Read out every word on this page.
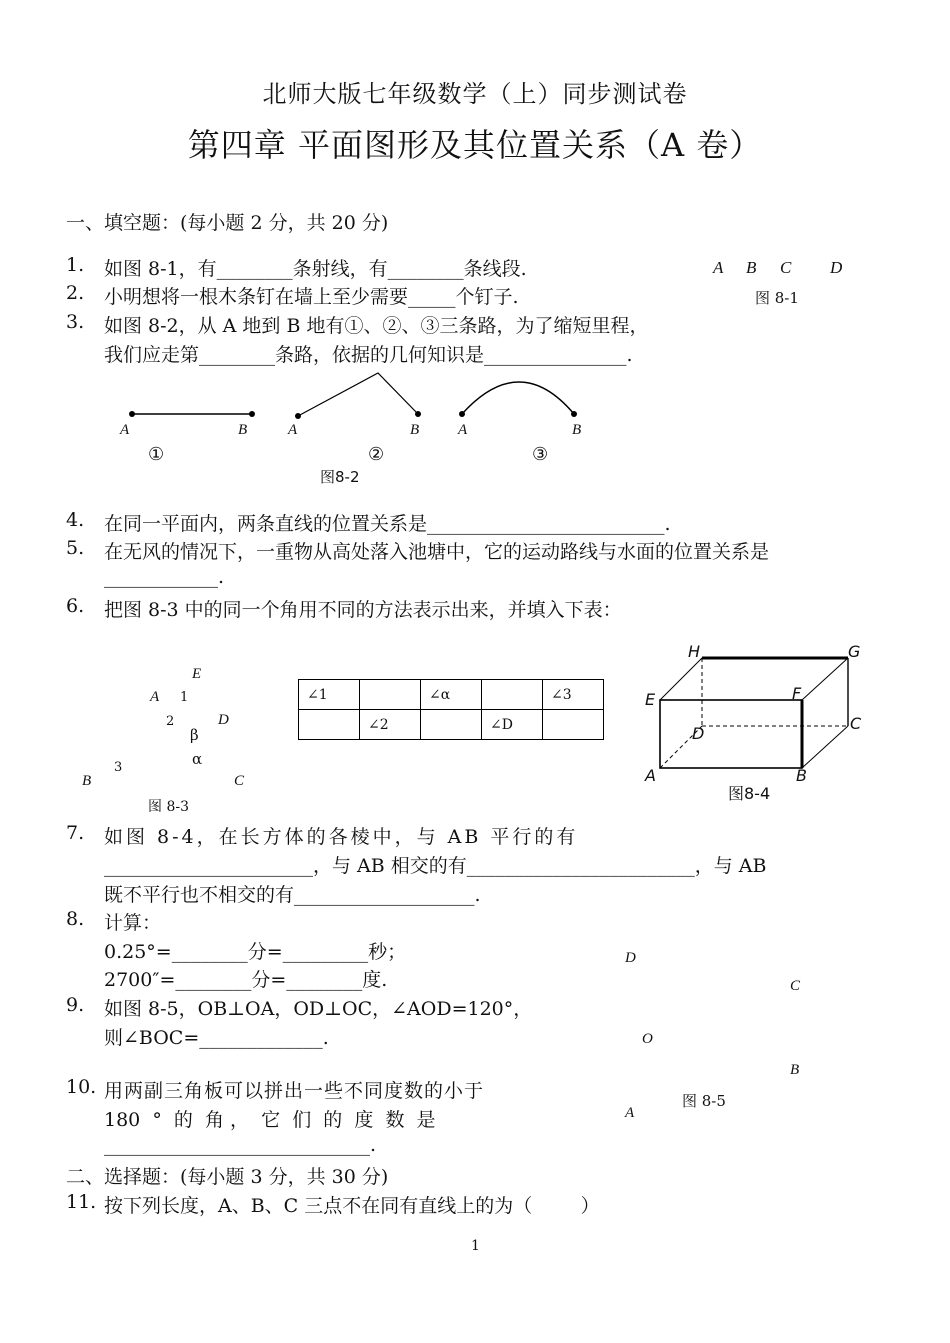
北师大版七年级数学（上）同步测试卷
第四章 平面图形及其位置关系（A 卷）
一、填空题：(每小题 2 分，共 20 分)
1. 如图 8-1，有________条射线，有________条线段.	A B C D
图 8-1
2. 小明想将一根木条钉在墙上至少需要_____个钉子.
3. 如图 8-2，从 A 地到 B 地有①、②、③三条路，为了缩短里程，
我们应走第________条路，依据的几何知识是_______________.
A	B	A	B	A	B
①	②	③
图8-2
4. 在同一平面内，两条直线的位置关系是_________________________.
5. 在无风的情况下，一重物从高处落入池塘中，它的运动路线与水面的位置关系是
____________.
6. 把图 8-3 中的同一个角用不同的方法表示出来，并填入下表：
E
A 1
2	D
β
α
3
B	C
图 8-3
∠1		∠α		∠3
	∠2		∠D	
H	G
E	F
C
D
A	B
图8-4
7. 如图 8-4，在长方体的各棱中，与 AB 平行的有
______________________，与 AB 相交的有________________________，与 AB
既不平行也不相交的有___________________.
8. 计算：
0.25°=________分=_________秒；
2700″=________分=________度.
9. 如图 8-5，OB⊥OA，OD⊥OC，∠AOD=120°，
则∠BOC=_____________.
D
C
O
B
A
图 8-5
10. 用两副三角板可以拼出一些不同度数的小于
180  °  的  角 ，  它  们  的  度  数  是
____________________________.
二、选择题：(每小题 3 分，共 30 分)
11. 按下列长度，A、B、C 三点不在同有直线上的为（        ）
1
